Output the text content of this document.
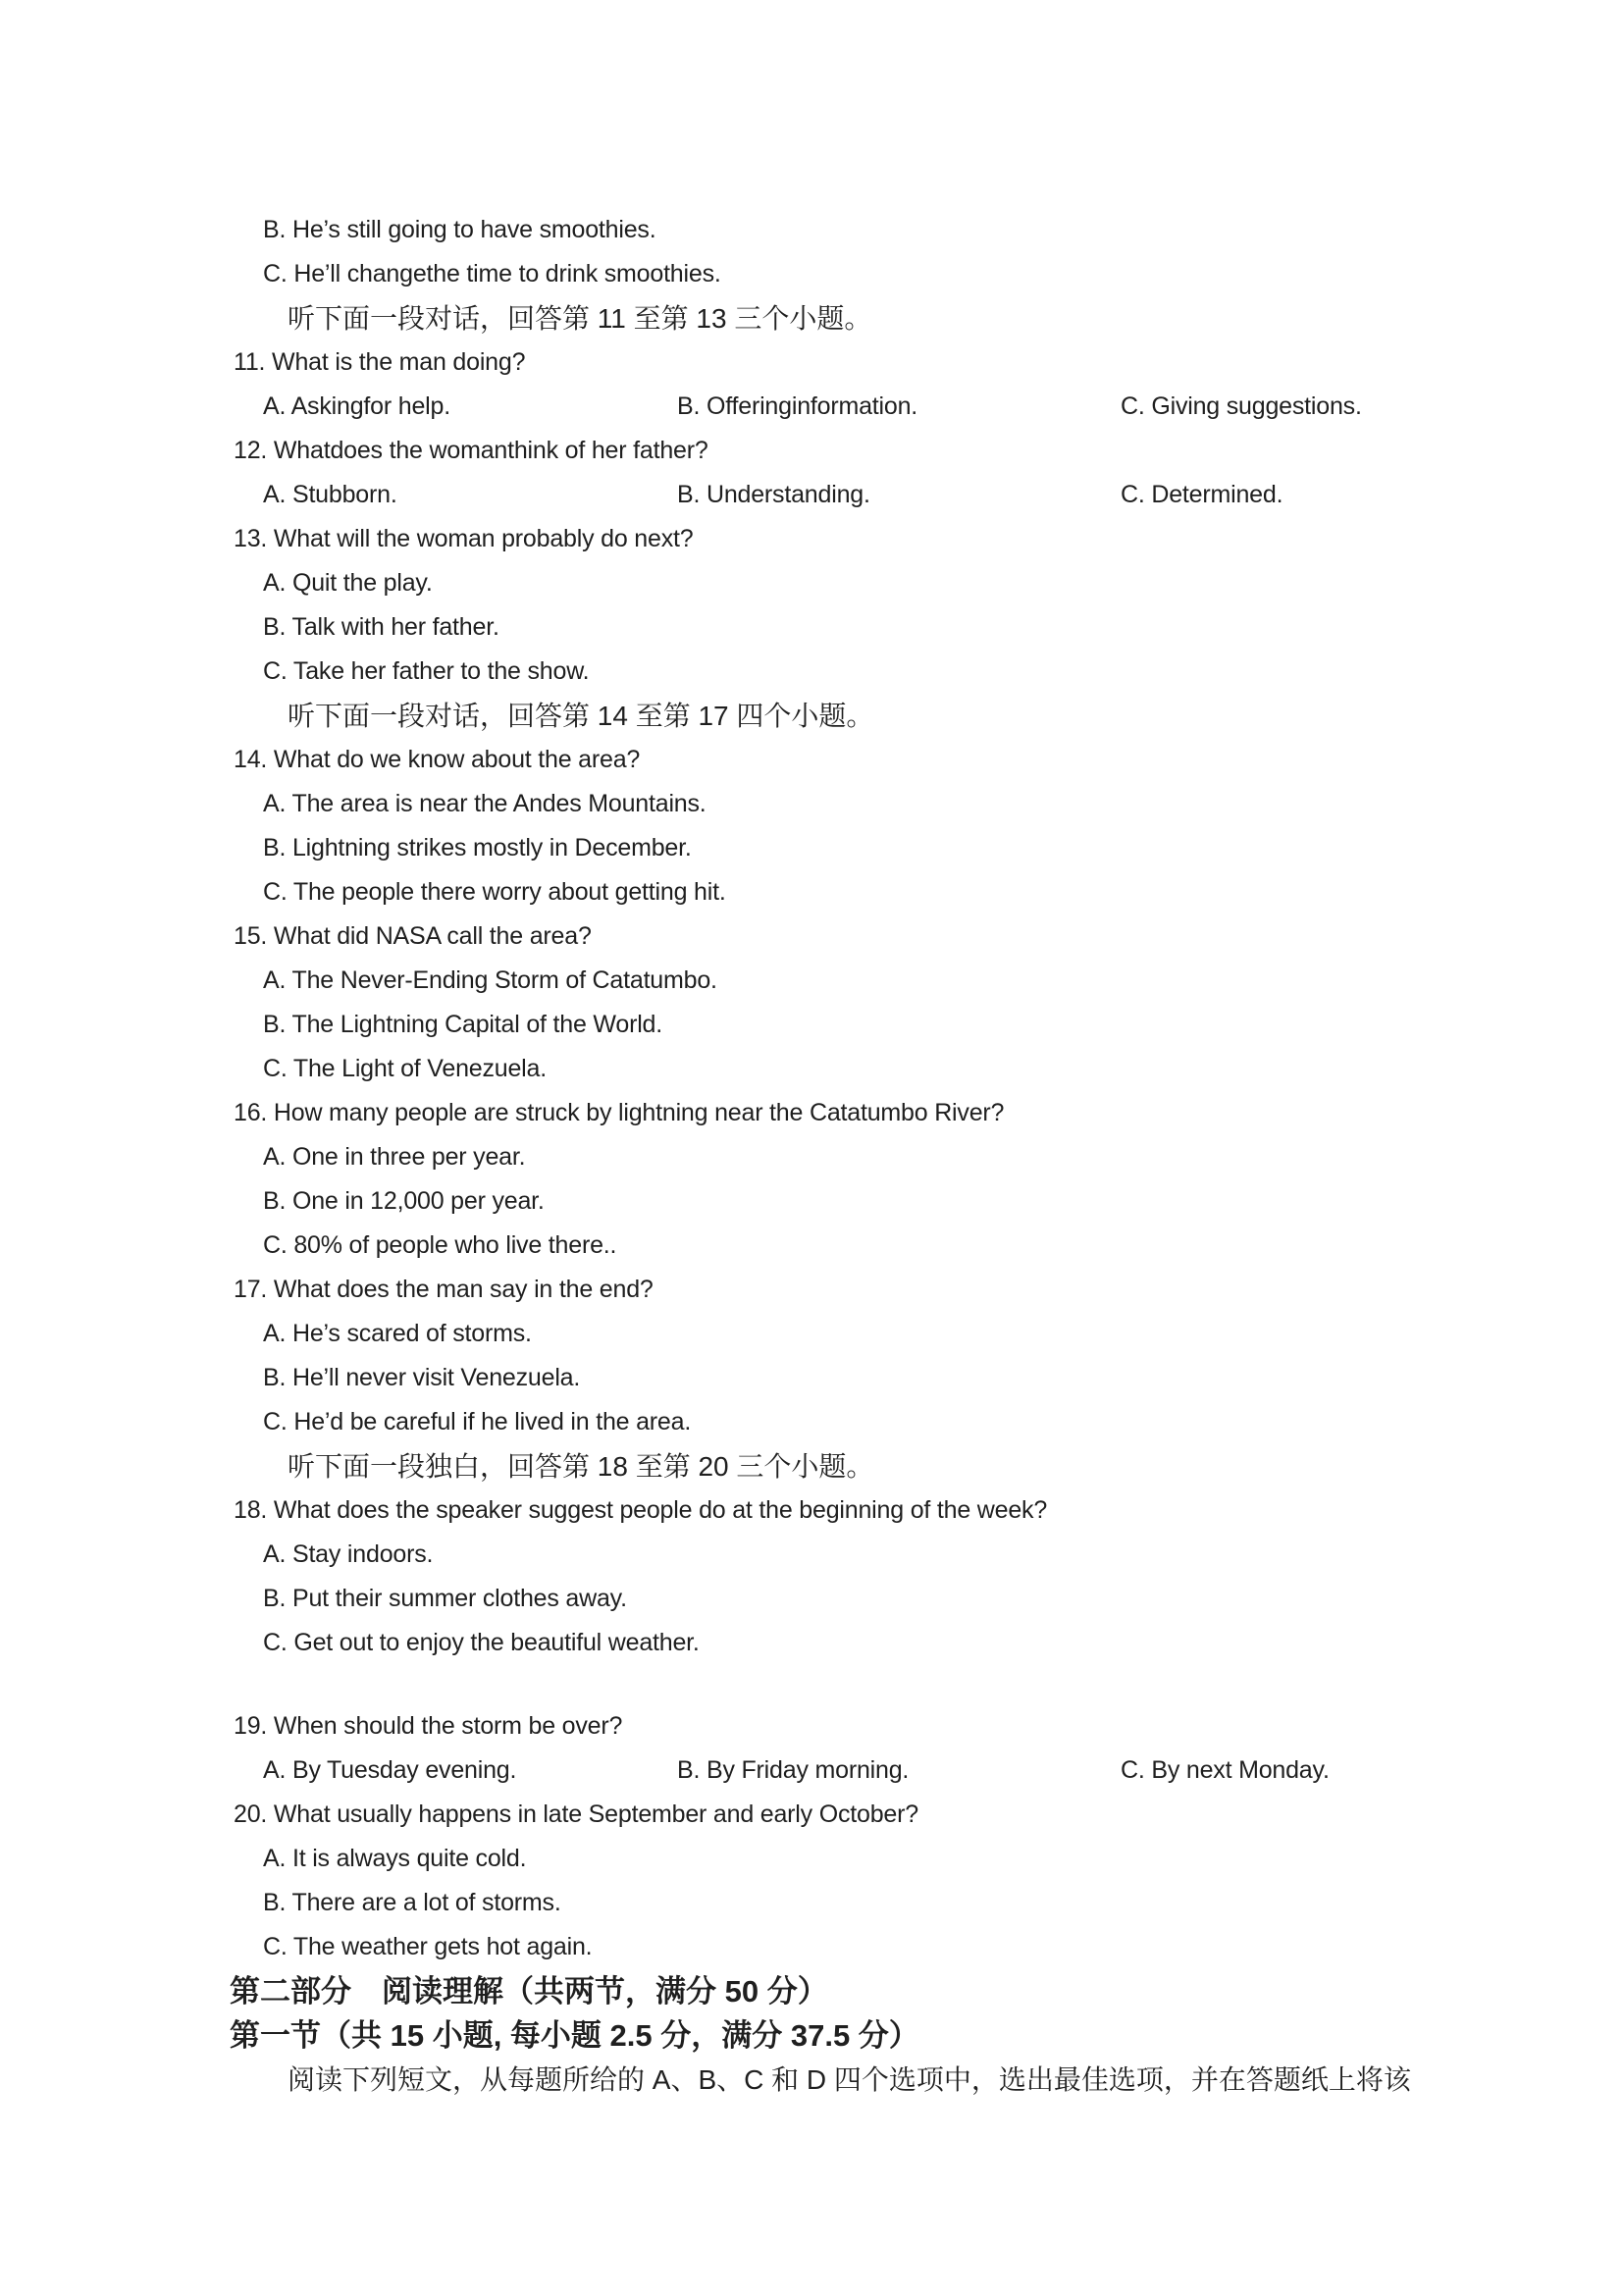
B. He’s still going to have smoothies.
C. He’ll changethe time to drink smoothies.
听下面一段对话，回答第 11 至第 13 三个小题。
11. What is the man doing?
A. Askingfor help.	B. Offeringinformation.	C. Giving suggestions.
12. Whatdoes the womanthink of her father?
A. Stubborn.	B. Understanding.	C. Determined.
13. What will the woman probably do next?
A. Quit the play.
B. Talk with her father.
C. Take her father to the show.
听下面一段对话，回答第 14 至第 17 四个小题。
14. What do we know about the area?
A. The area is near the Andes Mountains.
B. Lightning strikes mostly in December.
C. The people there worry about getting hit.
15. What did NASA call the area?
A. The Never-Ending Storm of Catatumbo.
B. The Lightning Capital of the World.
C. The Light of Venezuela.
16. How many people are struck by lightning near the Catatumbo River?
A. One in three per year.
B. One in 12,000 per year.
C. 80% of people who live there..
17. What does the man say in the end?
A. He’s scared of storms.
B. He’ll never visit Venezuela.
C. He’d be careful if he lived in the area.
听下面一段独白，回答第 18 至第 20 三个小题。
18. What does the speaker suggest people do at the beginning of the week?
A. Stay indoors.
B. Put their summer clothes away.
C. Get out to enjoy the beautiful weather.
19. When should the storm be over?
A. By Tuesday evening.	B. By Friday morning.	C. By next Monday.
20. What usually happens in late September and early October?
A. It is always quite cold.
B. There are a lot of storms.
C. The weather gets hot again.
第二部分　阅读理解（共两节，满分 50 分）
第一节（共 15 小题, 每小题 2.5 分，满分 37.5 分）
阅读下列短文，从每题所给的 A、B、C 和 D 四个选项中，选出最佳选项，并在答题纸上将该
